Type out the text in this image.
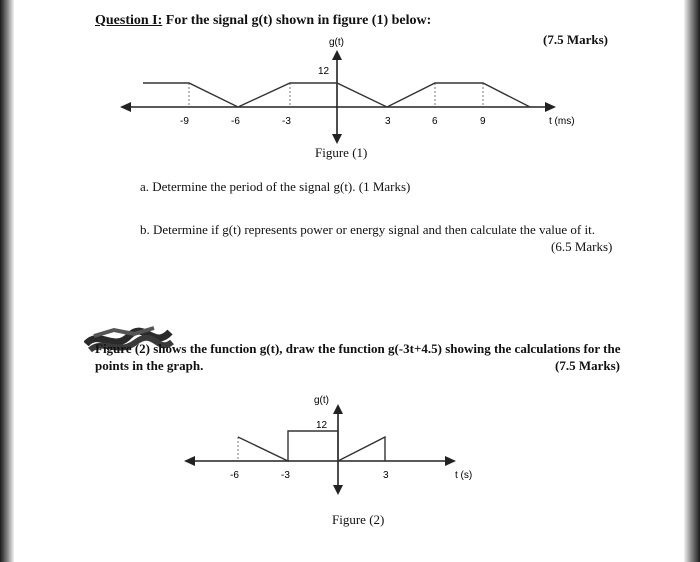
Question I: For the signal g(t) shown in figure (1) below:
(7.5 Marks)
g(t)
12
t (ms)
-9	-6	-3	3	6	9
Figure (1)
a. Determine the period of the signal g(t). (1 Marks)
b. Determine if g(t) represents power or energy signal and then calculate the value of it.
(6.5 Marks)
Figure (2) shows the function g(t), draw the function g(-3t+4.5) showing the calculations for the points in the graph.	(7.5 Marks)
g(t)
12
t (s)
-6	-3	3
Figure (2)
